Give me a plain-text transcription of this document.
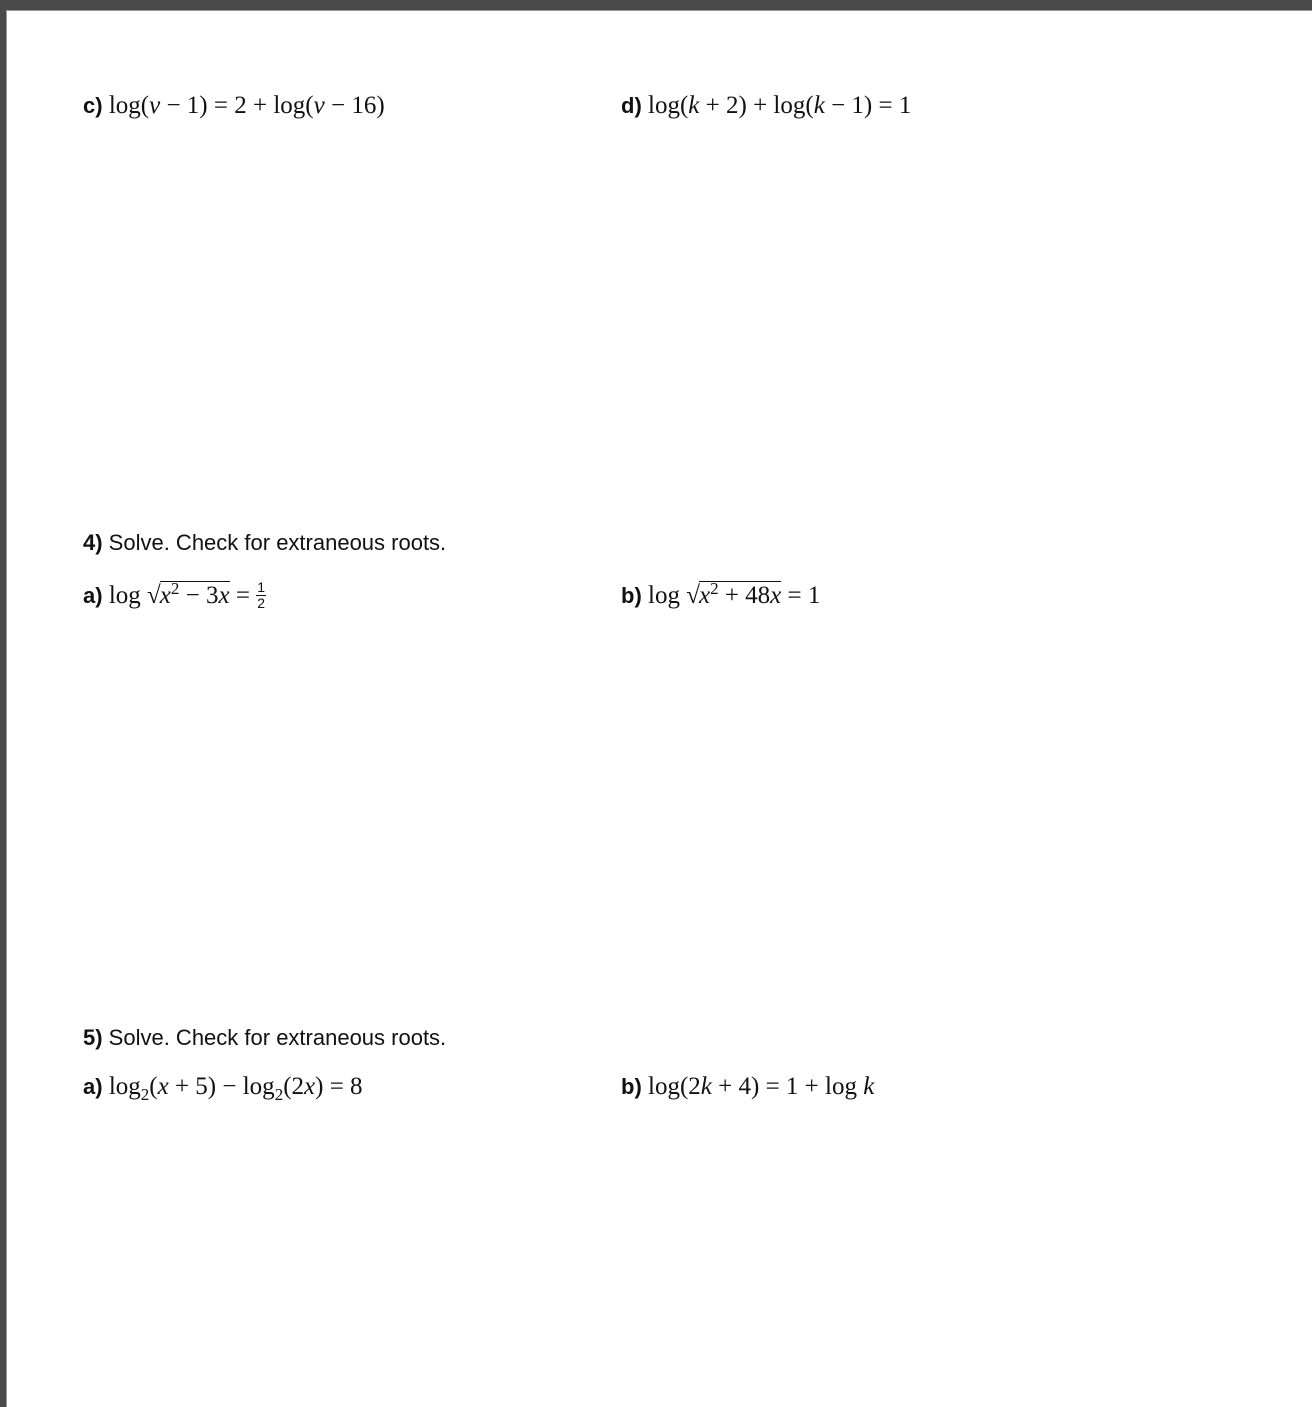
c) log(v − 1) = 2 + log(v − 16)	d) log(k + 2) + log(k − 1) = 1
4) Solve. Check for extraneous roots.
a) $\log √x^2 - 3x = \frac{1}{2}$	b) $\log √x^2 + 48x = 1$
5) Solve. Check for extraneous roots.
a) $\log_2(x + 5) - \log_2(2x) = 8$	b) log(2k + 4) = 1 + log k
